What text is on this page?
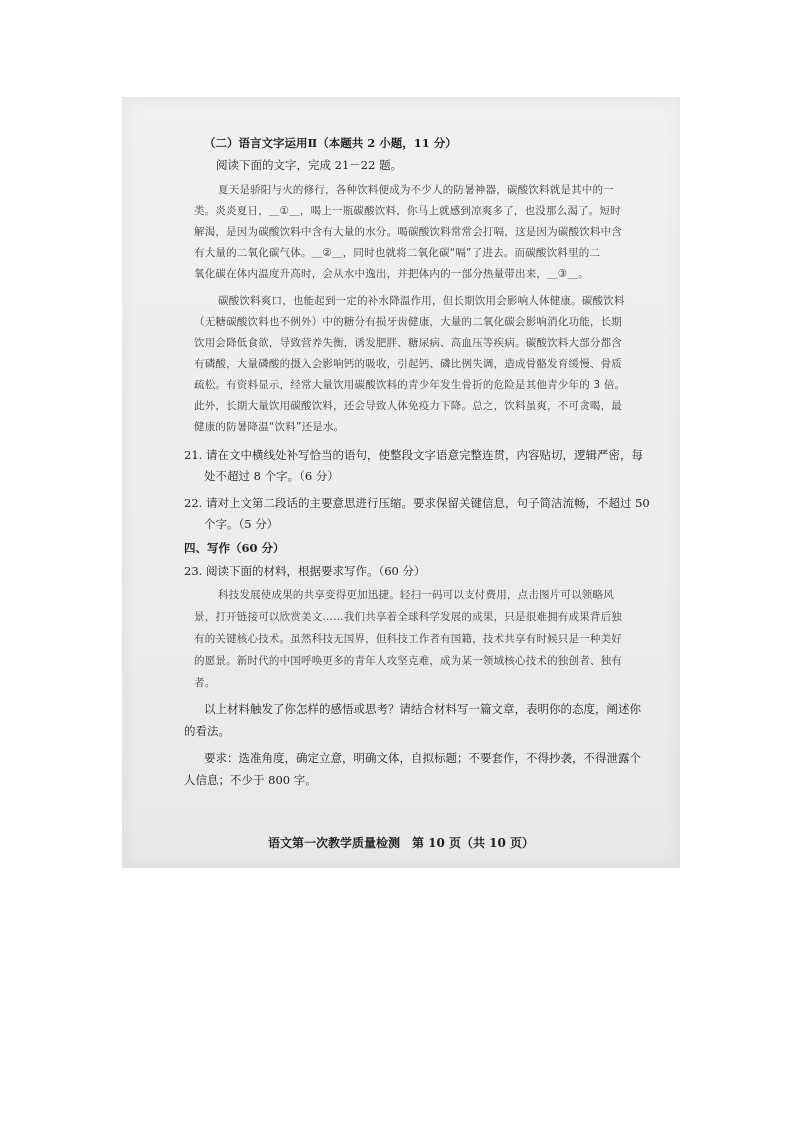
（二）语言文字运用Ⅱ（本题共 2 小题，11 分）
阅读下面的文字，完成 21－22 题。
夏天是骄阳与火的修行，各种饮料便成为不少人的防暑神器，碳酸饮料就是其中的一
类。炎炎夏日，＿①＿，喝上一瓶碳酸饮料，你马上就感到凉爽多了，也没那么渴了。短时
解渴，是因为碳酸饮料中含有大量的水分。喝碳酸饮料常常会打嗝，这是因为碳酸饮料中含
有大量的二氧化碳气体。＿②＿，同时也就将二氧化碳“嗝”了进去。而碳酸饮料里的二
氧化碳在体内温度升高时，会从水中逸出，并把体内的一部分热量带出来，＿③＿。
碳酸饮料爽口，也能起到一定的补水降温作用，但长期饮用会影响人体健康。碳酸饮料
（无糖碳酸饮料也不例外）中的糖分有损牙齿健康，大量的二氧化碳会影响消化功能，长期
饮用会降低食欲，导致营养失衡，诱发肥胖、糖尿病、高血压等疾病。碳酸饮料大部分都含
有磷酸，大量磷酸的摄入会影响钙的吸收，引起钙、磷比例失调，造成骨骼发育缓慢、骨质
疏松。有资料显示，经常大量饮用碳酸饮料的青少年发生骨折的危险是其他青少年的 3 倍。
此外，长期大量饮用碳酸饮料，还会导致人体免疫力下降。总之，饮料虽爽，不可贪喝，最
健康的防暑降温“饮料”还是水。
21. 请在文中横线处补写恰当的语句，使整段文字语意完整连贯，内容贴切，逻辑严密，每
处不超过 8 个字。（6 分）
22. 请对上文第二段话的主要意思进行压缩。要求保留关键信息，句子简洁流畅，不超过 50
个字。（5 分）
四、写作（60 分）
23. 阅读下面的材料，根据要求写作。（60 分）
科技发展使成果的共享变得更加迅捷。轻扫一码可以支付费用，点击图片可以领略风
景，打开链接可以欣赏美文……我们共享着全球科学发展的成果，只是很难拥有成果背后独
有的关键核心技术。虽然科技无国界，但科技工作者有国籍，技术共享有时候只是一种美好
的愿景。新时代的中国呼唤更多的青年人攻坚克难，成为某一领域核心技术的独创者、独有
者。
以上材料触发了你怎样的感悟或思考？请结合材料写一篇文章，表明你的态度，阐述你
的看法。
要求：选准角度，确定立意，明确文体，自拟标题；不要套作，不得抄袭，不得泄露个
人信息；不少于 800 字。
语文第一次教学质量检测　第 10 页（共 10 页）
